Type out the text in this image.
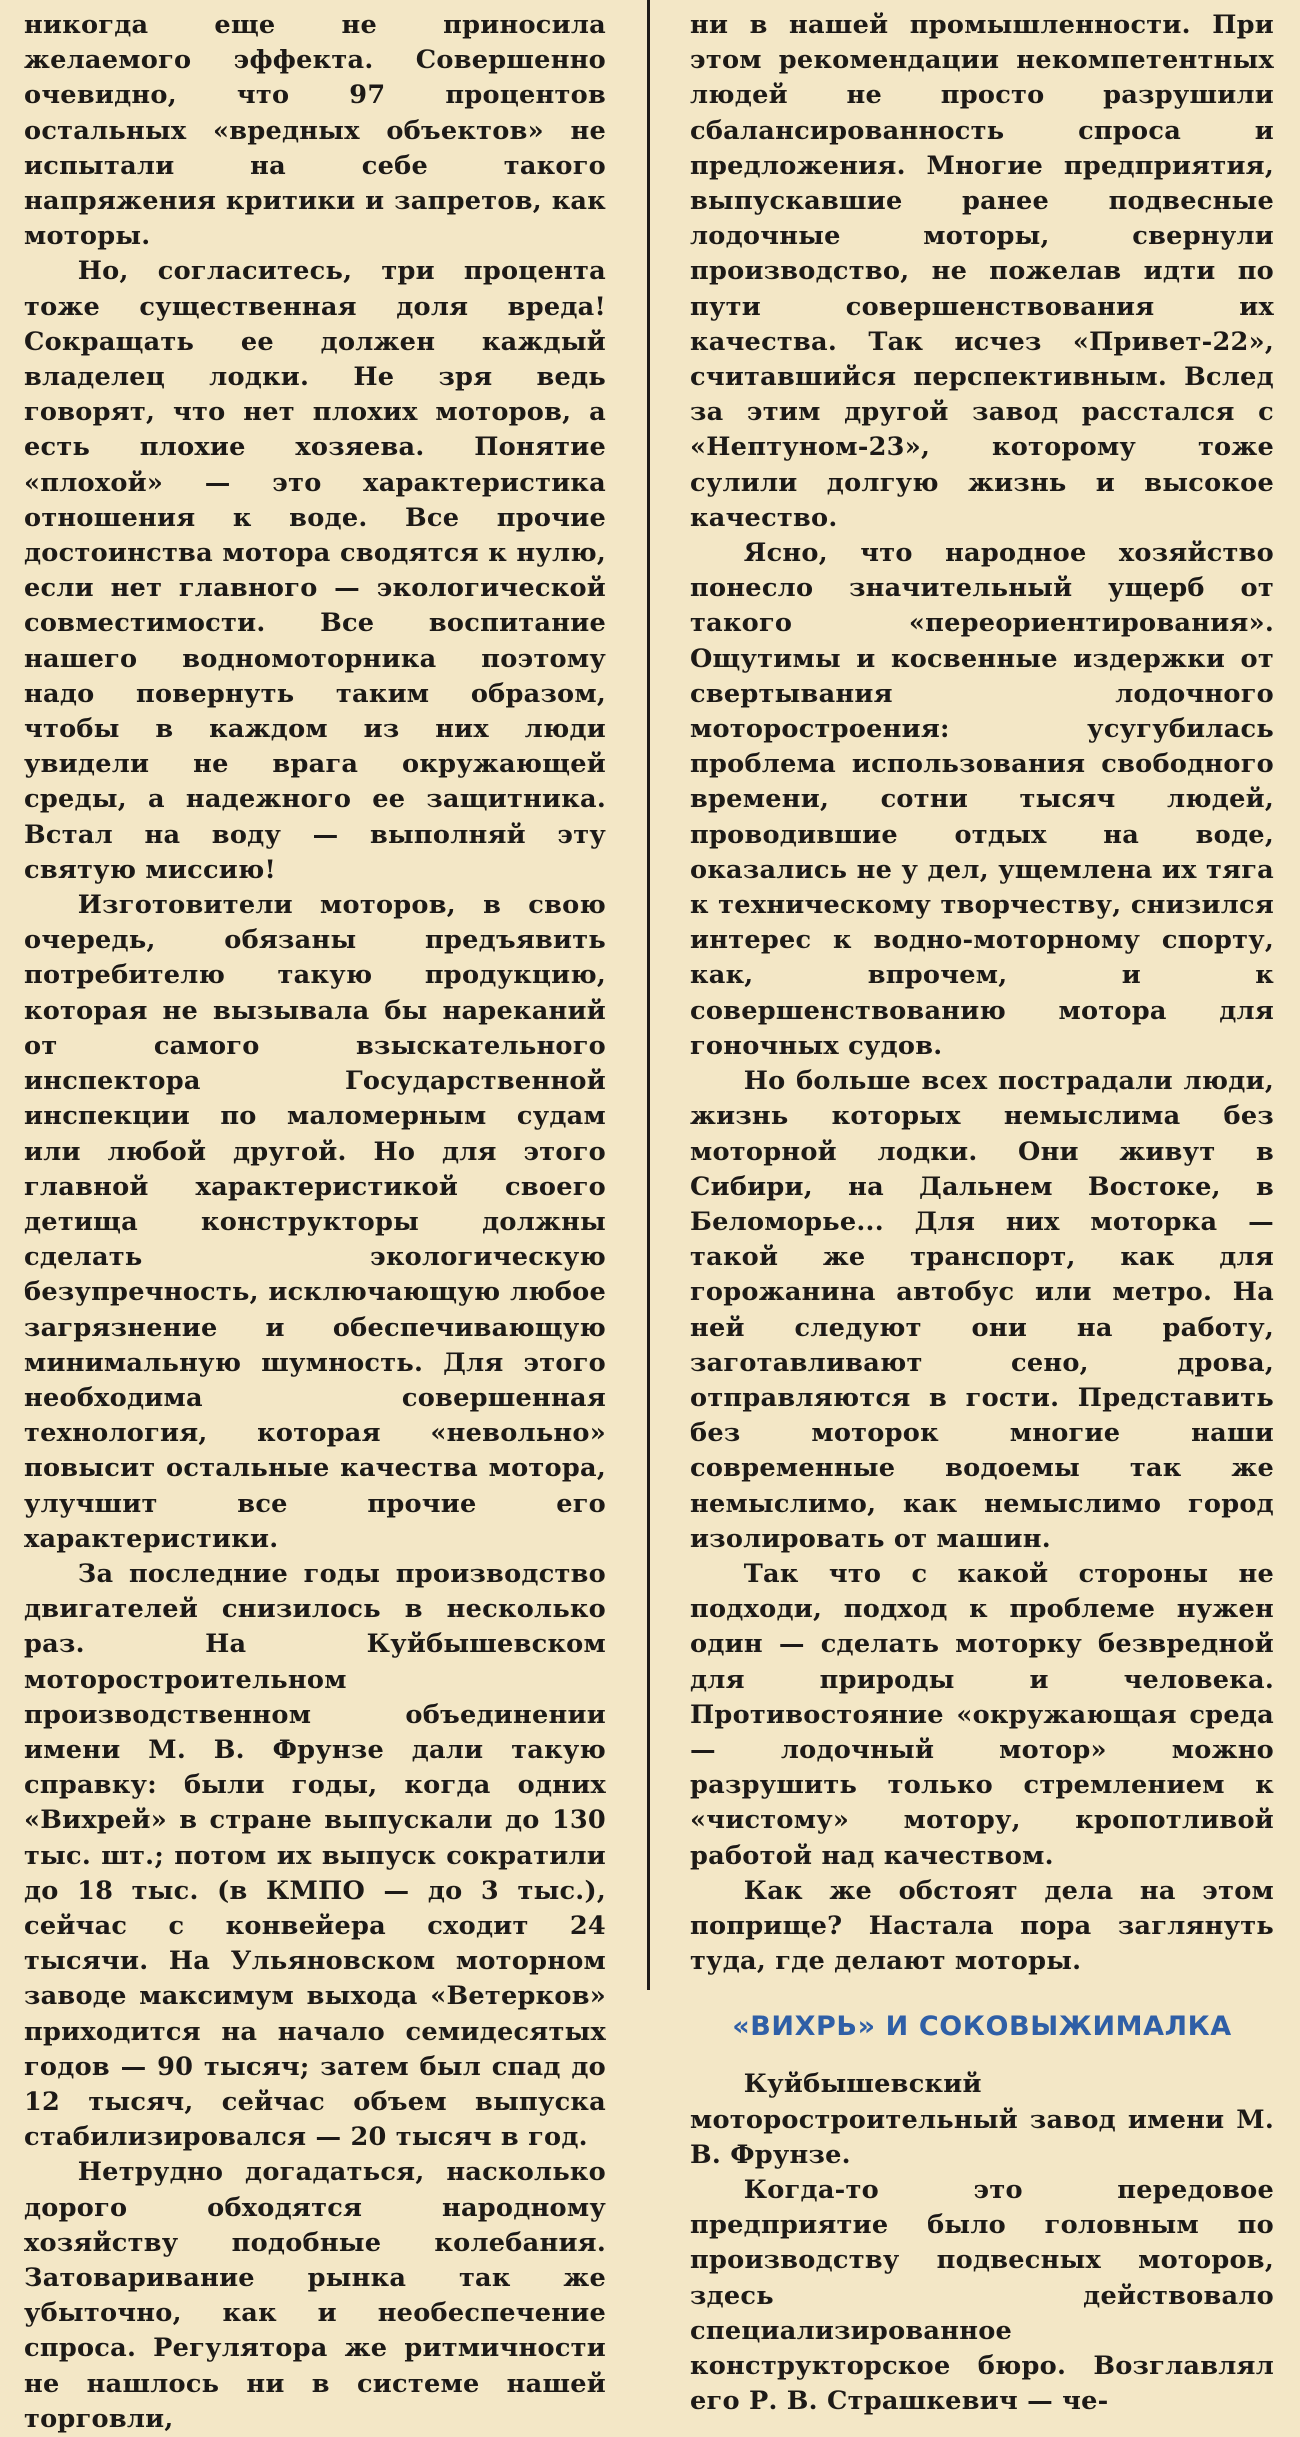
никогда еще не приносила желаемого эффекта. Совершенно очевидно, что 97 процентов остальных «вредных объектов» не испытали на себе такого напряжения критики и запретов, как моторы.

Но, согласитесь, три процента тоже существенная доля вреда! Сокращать ее должен каждый владелец лодки. Не зря ведь говорят, что нет плохих моторов, а есть плохие хозяева. Понятие «плохой» — это характеристика отношения к воде. Все прочие достоинства мотора сводятся к нулю, если нет главного — экологической совместимости. Все воспитание нашего водномоторника поэтому надо повернуть таким образом, чтобы в каждом из них люди увидели не врага окружающей среды, а надежного ее защитника. Встал на воду — выполняй эту святую миссию!

Изготовители моторов, в свою очередь, обязаны предъявить потребителю такую продукцию, которая не вызывала бы нареканий от самого взыскательного инспектора Государственной инспекции по маломерным судам или любой другой. Но для этого главной характеристикой своего детища конструкторы должны сделать экологическую безупречность, исключающую любое загрязнение и обеспечивающую минимальную шумность. Для этого необходима совершенная технология, которая «невольно» повысит остальные качества мотора, улучшит все прочие его характеристики.

За последние годы производство двигателей снизилось в несколько раз. На Куйбышевском моторостроительном производственном объединении имени М. В. Фрунзе дали такую справку: были годы, когда одних «Вихрей» в стране выпускали до 130 тыс. шт.; потом их выпуск сократили до 18 тыс. (в КМПО — до 3 тыс.), сейчас с конвейера сходит 24 тысячи. На Ульяновском моторном заводе максимум выхода «Ветерков» приходится на начало семидесятых годов — 90 тысяч; затем был спад до 12 тысяч, сейчас объем выпуска стабилизировался — 20 тысяч в год.

Нетрудно догадаться, насколько дорого обходятся народному хозяйству подобные колебания. Затоваривание рынка так же убыточно, как и необеспечение спроса. Регулятора же ритмичности не нашлось ни в системе нашей торговли,

ни в нашей промышленности. При этом рекомендации некомпетентных людей не просто разрушили сбалансированность спроса и предложения. Многие предприятия, выпускавшие ранее подвесные лодочные моторы, свернули производство, не пожелав идти по пути совершенствования их качества. Так исчез «Привет-22», считавшийся перспективным. Вслед за этим другой завод расстался с «Нептуном-23», которому тоже сулили долгую жизнь и высокое качество.

Ясно, что народное хозяйство понесло значительный ущерб от такого «переориентирования». Ощутимы и косвенные издержки от свертывания лодочного моторостроения: усугубилась проблема использования свободного времени, сотни тысяч людей, проводившие отдых на воде, оказались не у дел, ущемлена их тяга к техническому творчеству, снизился интерес к водно-моторному спорту, как, впрочем, и к совершенствованию мотора для гоночных судов.

Но больше всех пострадали люди, жизнь которых немыслима без моторной лодки. Они живут в Сибири, на Дальнем Востоке, в Беломорье... Для них моторка — такой же транспорт, как для горожанина автобус или метро. На ней следуют они на работу, заготавливают сено, дрова, отправляются в гости. Представить без моторок многие наши современные водоемы так же немыслимо, как немыслимо город изолировать от машин.

Так что с какой стороны не подходи, подход к проблеме нужен один — сделать моторку безвредной для природы и человека. Противостояние «окружающая среда — лодочный мотор» можно разрушить только стремлением к «чистому» мотору, кропотливой работой над качеством.

Как же обстоят дела на этом поприще? Настала пора заглянуть туда, где делают моторы.

«ВИХРЬ» И СОКОВЫЖИМАЛКА

Куйбышевский моторостроительный завод имени М. В. Фрунзе.

Когда-то это передовое предприятие было головным по производству подвесных моторов, здесь действовало специализированное конструкторское бюро. Возглавлял его Р. В. Страшкевич — че-
